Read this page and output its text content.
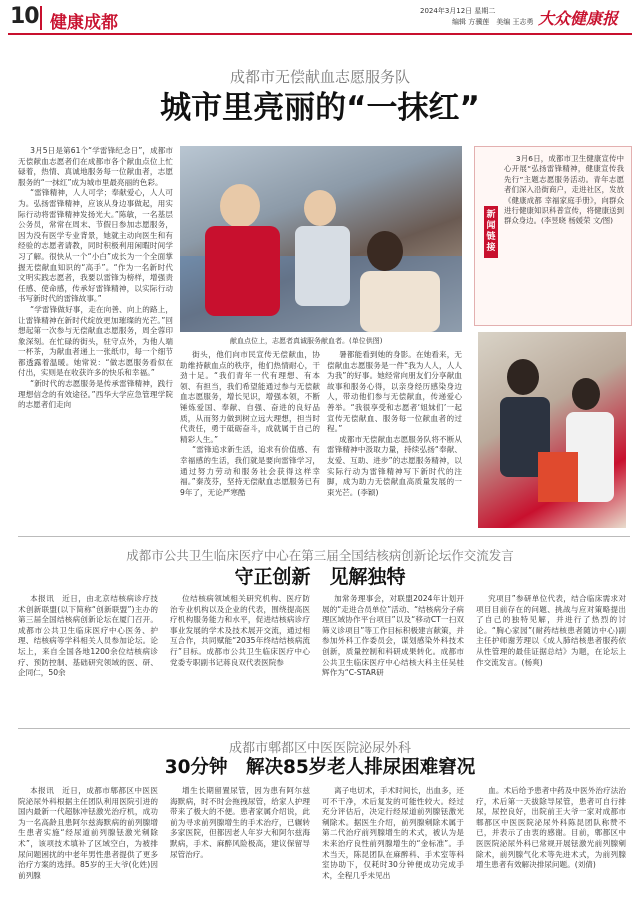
10 健康成都
2024年3月12日 星期二
编辑 方骥莲　美编 王志勇 大众健康报
成都市无偿献血志愿服务队
城市里亮丽的“一抹红”

3月5日是第61个“学雷锋纪念日”，成都市无偿献血志愿者们在成都市各个献血点位上忙碌着，热情、真诚地服务每一位献血者，志愿服务的“一抹红”成为城市里最亮丽的色彩。

“雷锋精神，人人可学；奉献爱心，人人可为。弘扬雷锋精神，应该从身边事做起，用实际行动将雷锋精神发扬光大。”陈敏，一名基层公务员，常常在周末、节假日参加志愿服务，因为没有医学专业背景，她就主动向医生和有经验的志愿者请教，同时积极利用闲暇时间学习了解。很快从一个“小白”成长为一个全面掌握无偿献血知识的“高手”。“作为一名新时代文明实践志愿者，我要以雷锋为榜样，增强责任感、使命感，传承好雷锋精神，以实际行动书写新时代的雷锋故事。”

“学雷锋做好事，走在向善、向上的路上，让雷锋精神在新时代绽放更加璀璨的光芒。”回想起第一次参与无偿献血志愿服务，周全蓉印象深刻。在忙碌的街头，驻守点外，为他人端一杯茶，为献血者递上一张纸巾，每一个细节都透露着温暖。她常说：“做志愿服务看似在付出，实则是在收获许多的快乐和幸福。”

“新时代的志愿服务是传承雷锋精神，践行理想信念的有效途径。”西华大学应急管理学院的志愿者们走向

献血点位上，志愿者真诚服务献血者。(单位供图)

街头，他们向市民宣传无偿献血，协助维持献血点的秩序，他们热情耐心，干劲十足。“我们青年一代有理想、有本领、有担当，我们希望能通过参与无偿献血志愿服务，增长见识，增强本领，不断锤炼爱国、奉献、自强、奋进的良好品质，从而努力做到树立远大理想，担当时代责任，勇于砥砺奋斗，成就属于自己的精彩人生。”

“雷锋追求新生活，追求有价值感、有幸福感的生活，我们就是要向雷锋学习，通过努力劳动和服务社会获得这样幸福。”秦茂芬，坚持无偿献血志愿服务已有9年了，无论严寒酷

暑都能看到她的身影。在她看来，无偿献血志愿服务是一件“我为人人，人人为我”的好事。她经常向朋友们分享献血故事和服务心得，以亲身经历感染身边人，带动他们参与无偿献血，传递爱心善举。“我很享受和志愿者‘姐妹们’一起宣传无偿献血、服务每一位献血者的过程。”

成都市无偿献血志愿服务队将不断从雷锋精神中汲取力量，持续弘扬“奉献、友爱、互助、进步”的志愿服务精神，以实际行动为雷锋精神写下新时代的注脚，成为助力无偿献血高质量发展的一束光芒。(李颖)

新闻链接

3月6日，成都市卫生健康宣传中心开展“弘扬雷锋精神，健康宣传我先行”主题志愿服务活动。青年志愿者们深入沿街商户，走进社区，发放《健康成都 幸福家庭手册》，向群众进行健康知识科普宣传，将健康送到群众身边。(李昱晓 杨媛荣 文/图)

成都市公共卫生临床医疗中心在第三届全国结核病创新论坛作交流发言
守正创新　见解独特

本报讯　近日，由北京结核病诊疗技术创新联盟(以下简称“创新联盟”)主办的第三届全国结核病创新论坛在厦门召开。成都市公共卫生临床医疗中心医务、护理、结核病等学科相关人员参加论坛。论坛上，来自全国各地1200余位结核病诊疗、预防控制、基础研究领域的医、研、企同仁，50余

位结核病领域相关研究机构、医疗防治专业机构以及企业的代表，围绕提高医疗机构服务能力和水平，促进结核病诊疗事业发展的学术及技术展开交流，通过相互合作，共同赋能“2035年终结结核病流行”目标。成都市公共卫生临床医疗中心党委专职副书记蒋良双代表医院参

加常务理事会，对联盟2024年计划开展的“走进合员单位”活动、“结核病分子病理区域协作平台项目”以及“移动CT一扫双筛义诊项目”等工作目标积极建言献策，并参加外科工作委员会，谋划感染外科技术创新，质量控制和科研成果转化。成都市公共卫生临床医疗中心结核大科主任吴桂辉作为“C-STAR研

究项目”参研单位代表，结合临床需求对项目目前存在的问题、挑战与应对策略提出了自己的独特见解，并进行了热烈的讨论。“胸心家园”(耐药结核患者随访中心)副主任护师谢芳理以《成人肺结核患者服药依从性管理的最佳证据总结》为题，在论坛上作交流发言。(杨爽)

成都市郫都区中医医院泌尿外科
30分钟　解决85岁老人排尿困难窘况

本报讯　近日，成都市郫都区中医医院泌尿外科根据主任团队利用医院引进的国内最新一代超脉冲铥激光治疗机，成功为一名高龄且患阿尔兹海默病的前列腺增生患者实施“经尿道前列腺铥激光剜除术”，该项技术填补了区域空白，为被排尿问题困扰的中老年男性患者提供了更多治疗方案的选择。85岁的王大爷(化姓)因前列腺

增生长期留置尿管，因为患有阿尔兹海默病，时不时会拖拽尿管，给家人护理带来了极大的不便。患者家属介绍说，此前为寻求前列腺增生的手术治疗，已辗转多家医院，但都因老人年岁大和阿尔兹海默病，手术、麻醉风险极高，建议保留导尿管治疗。

离子电切术，手术时间长，出血多，还可不干净，术后复发的可能性较大。经过充分评估后，决定行经尿道前列腺铥激光剜除术。据医生介绍，前列腺剜除术属于第二代治疗前列腺增生的术式，被认为是未来治疗良性前列腺增生的“金标准”。手术当天，陈昆团队在麻醉科、手术室等科室协助下，仅耗时30分钟便成功完成手术，全程几乎未见出

血。术后给予患者中药及中医外治疗法治疗，术后第一天拔除导尿管，患者可自行排尿，尿控良好，出院前王大爷一家对成都市郫都区中医医院泌尿外科陈昆团队称赞不已，并表示了由衷的感谢。目前，郫都区中医医院泌尿外科已常规开展铥激光前列腺剜除术，前列腺气化术等先进术式，为前列腺增生患者有效解决排尿问题。(刘倩)
